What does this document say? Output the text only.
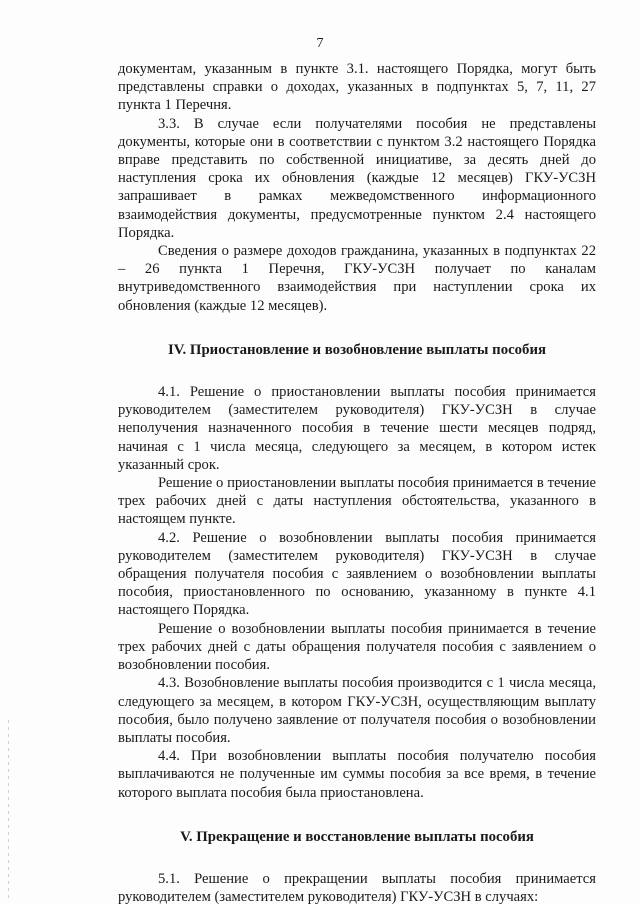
7

документам, указанным в пункте 3.1. настоящего Порядка, могут быть представлены справки о доходах, указанных в подпунктах 5, 7, 11, 27 пункта 1 Перечня.

3.3. В случае если получателями пособия не представлены документы, которые они в соответствии с пунктом 3.2 настоящего Порядка вправе представить по собственной инициативе, за десять дней до наступления срока их обновления (каждые 12 месяцев) ГКУ-УСЗН запрашивает в рамках межведомственного информационного взаимодействия документы, предусмотренные пунктом 2.4 настоящего Порядка.

Сведения о размере доходов гражданина, указанных в подпунктах 22 – 26 пункта 1 Перечня, ГКУ-УСЗН получает по каналам внутриведомственного взаимодействия при наступлении срока их обновления (каждые 12 месяцев).

IV. Приостановление и возобновление выплаты пособия

4.1. Решение о приостановлении выплаты пособия принимается руководителем (заместителем руководителя) ГКУ-УСЗН в случае неполучения назначенного пособия в течение шести месяцев подряд, начиная с 1 числа месяца, следующего за месяцем, в котором истек указанный срок.

Решение о приостановлении выплаты пособия принимается в течение трех рабочих дней с даты наступления обстоятельства, указанного в настоящем пункте.

4.2. Решение о возобновлении выплаты пособия принимается руководителем (заместителем руководителя) ГКУ-УСЗН в случае обращения получателя пособия с заявлением о возобновлении выплаты пособия, приостановленного по основанию, указанному в пункте 4.1 настоящего Порядка.

Решение о возобновлении выплаты пособия принимается в течение трех рабочих дней с даты обращения получателя пособия с заявлением о возобновлении пособия.

4.3. Возобновление выплаты пособия производится с 1 числа месяца, следующего за месяцем, в котором ГКУ-УСЗН, осуществляющим выплату пособия, было получено заявление от получателя пособия о возобновлении выплаты пособия.

4.4. При возобновлении выплаты пособия получателю пособия выплачиваются не полученные им суммы пособия за все время, в течение которого выплата пособия была приостановлена.

V. Прекращение и восстановление выплаты пособия

5.1. Решение о прекращении выплаты пособия принимается руководителем (заместителем руководителя) ГКУ-УСЗН в случаях:
